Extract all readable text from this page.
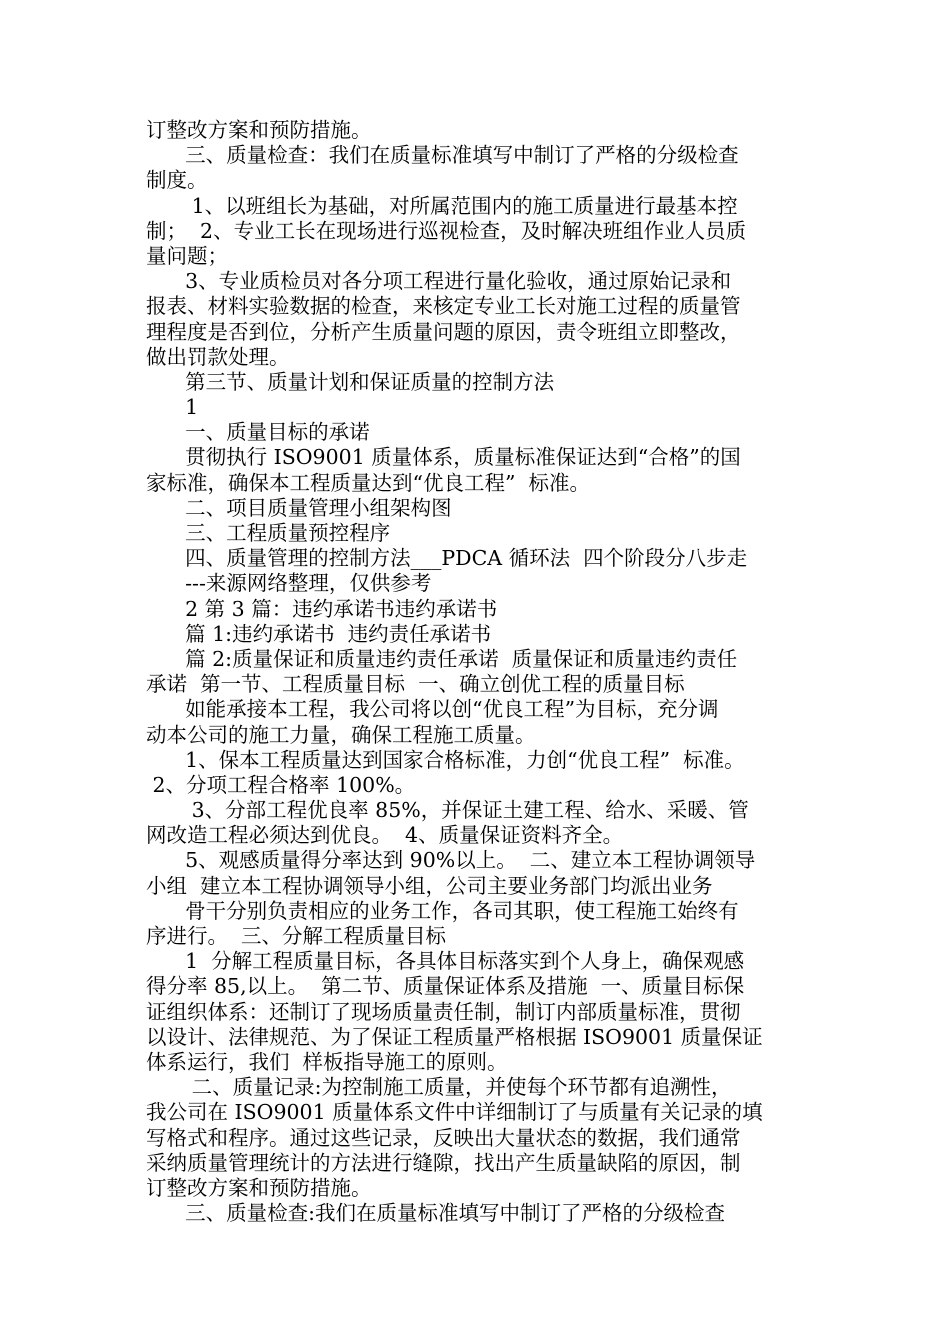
订整改方案和预防措施。
三、质量检查：我们在质量标准填写中制订了严格的分级检查
制度。
1、以班组长为基础，对所属范围内的施工质量进行最基本控
制；  2、专业工长在现场进行巡视检查，及时解决班组作业人员质
量问题；
3、专业质检员对各分项工程进行量化验收，通过原始记录和
报表、材料实验数据的检查，来核定专业工长对施工过程的质量管
理程度是否到位，分析产生质量问题的原因，责令班组立即整改，
做出罚款处理。
第三节、质量计划和保证质量的控制方法
1
一、质量目标的承诺
贯彻执行 ISO9001 质量体系，质量标准保证达到“合格”的国
家标准，确保本工程质量达到“优良工程”  标准。
二、项目质量管理小组架构图
三、工程质量预控程序
四、质量管理的控制方法___PDCA 循环法  四个阶段分八步走
---来源网络整理，仅供参考
2 第 3 篇：违约承诺书违约承诺书
篇 1:违约承诺书  违约责任承诺书
篇 2:质量保证和质量违约责任承诺  质量保证和质量违约责任
承诺  第一节、工程质量目标  一、确立创优工程的质量目标
如能承接本工程，我公司将以创“优良工程”为目标，充分调
动本公司的施工力量，确保工程施工质量。
1、保本工程质量达到国家合格标准，力创“优良工程”  标准。
2、分项工程合格率 100%。
3、分部工程优良率 85%，并保证土建工程、给水、采暖、管
网改造工程必须达到优良。  4、质量保证资料齐全。
5、观感质量得分率达到 90%以上。  二、建立本工程协调领导
小组  建立本工程协调领导小组，公司主要业务部门均派出业务
骨干分别负责相应的业务工作，各司其职，使工程施工始终有
序进行。  三、分解工程质量目标
1  分解工程质量目标，各具体目标落实到个人身上，确保观感
得分率 85,以上。  第二节、质量保证体系及措施  一、质量目标保
证组织体系：还制订了现场质量责任制，制订内部质量标准，贯彻
以设计、法律规范、为了保证工程质量严格根据 ISO9001 质量保证
体系运行，我们  样板指导施工的原则。
二、质量记录:为控制施工质量，并使每个环节都有追溯性，
我公司在 ISO9001 质量体系文件中详细制订了与质量有关记录的填
写格式和程序。通过这些记录，反映出大量状态的数据，我们通常
采纳质量管理统计的方法进行缝隙，找出产生质量缺陷的原因，制
订整改方案和预防措施。
三、质量检查:我们在质量标准填写中制订了严格的分级检查
